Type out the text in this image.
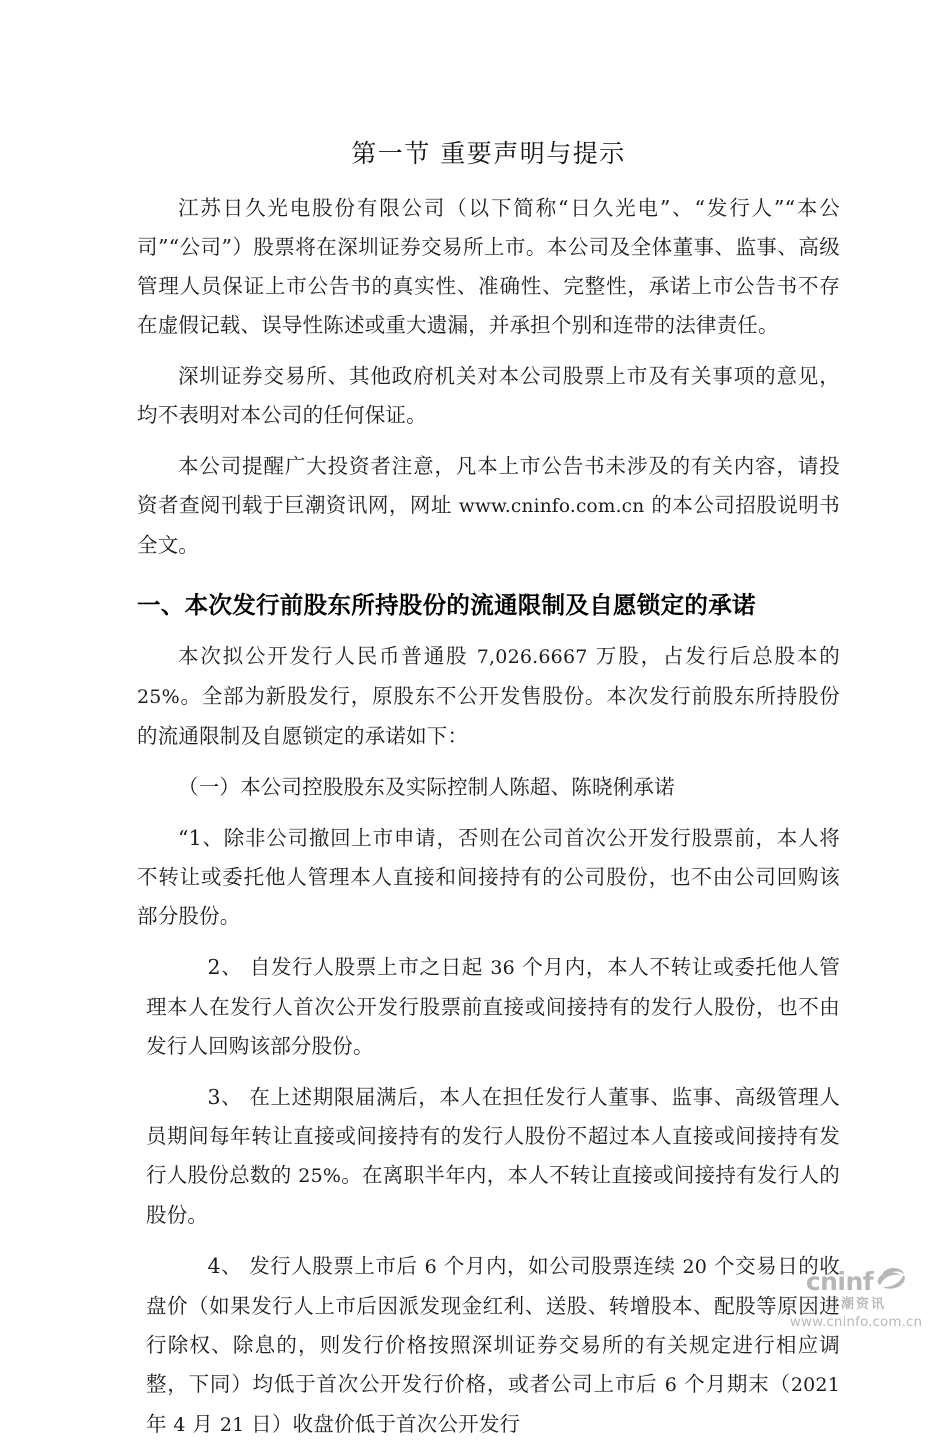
第一节 重要声明与提示

江苏日久光电股份有限公司（以下简称“日久光电”、“发行人”“本公司”“公司”）股票将在深圳证券交易所上市。本公司及全体董事、监事、高级管理人员保证上市公告书的真实性、准确性、完整性，承诺上市公告书不存在虚假记载、误导性陈述或重大遗漏，并承担个别和连带的法律责任。

深圳证券交易所、其他政府机关对本公司股票上市及有关事项的意见，均不表明对本公司的任何保证。

本公司提醒广大投资者注意，凡本上市公告书未涉及的有关内容，请投资者查阅刊载于巨潮资讯网，网址 www.cninfo.com.cn 的本公司招股说明书全文。

一、本次发行前股东所持股份的流通限制及自愿锁定的承诺

本次拟公开发行人民币普通股 7,026.6667 万股，占发行后总股本的 25%。全部为新股发行，原股东不公开发售股份。本次发行前股东所持股份的流通限制及自愿锁定的承诺如下：

（一）本公司控股股东及实际控制人陈超、陈晓俐承诺

“1、除非公司撤回上市申请，否则在公司首次公开发行股票前，本人将不转让或委托他人管理本人直接和间接持有的公司股份，也不由公司回购该部分股份。

2、 自发行人股票上市之日起 36 个月内，本人不转让或委托他人管理本人在发行人首次公开发行股票前直接或间接持有的发行人股份，也不由发行人回购该部分股份。

3、 在上述期限届满后，本人在担任发行人董事、监事、高级管理人员期间每年转让直接或间接持有的发行人股份不超过本人直接或间接持有发行人股份总数的 25%。在离职半年内，本人不转让直接或间接持有发行人的股份。

4、 发行人股票上市后 6 个月内，如公司股票连续 20 个交易日的收盘价（如果发行人上市后因派发现金红利、送股、转增股本、配股等原因进行除权、除息的，则发行价格按照深圳证券交易所的有关规定进行相应调整，下同）均低于首次公开发行价格，或者公司上市后 6 个月期末（2021 年 4 月 21 日）收盘价低于首次公开发行

cninf
巨潮资讯
www.cninfo.com.cn
